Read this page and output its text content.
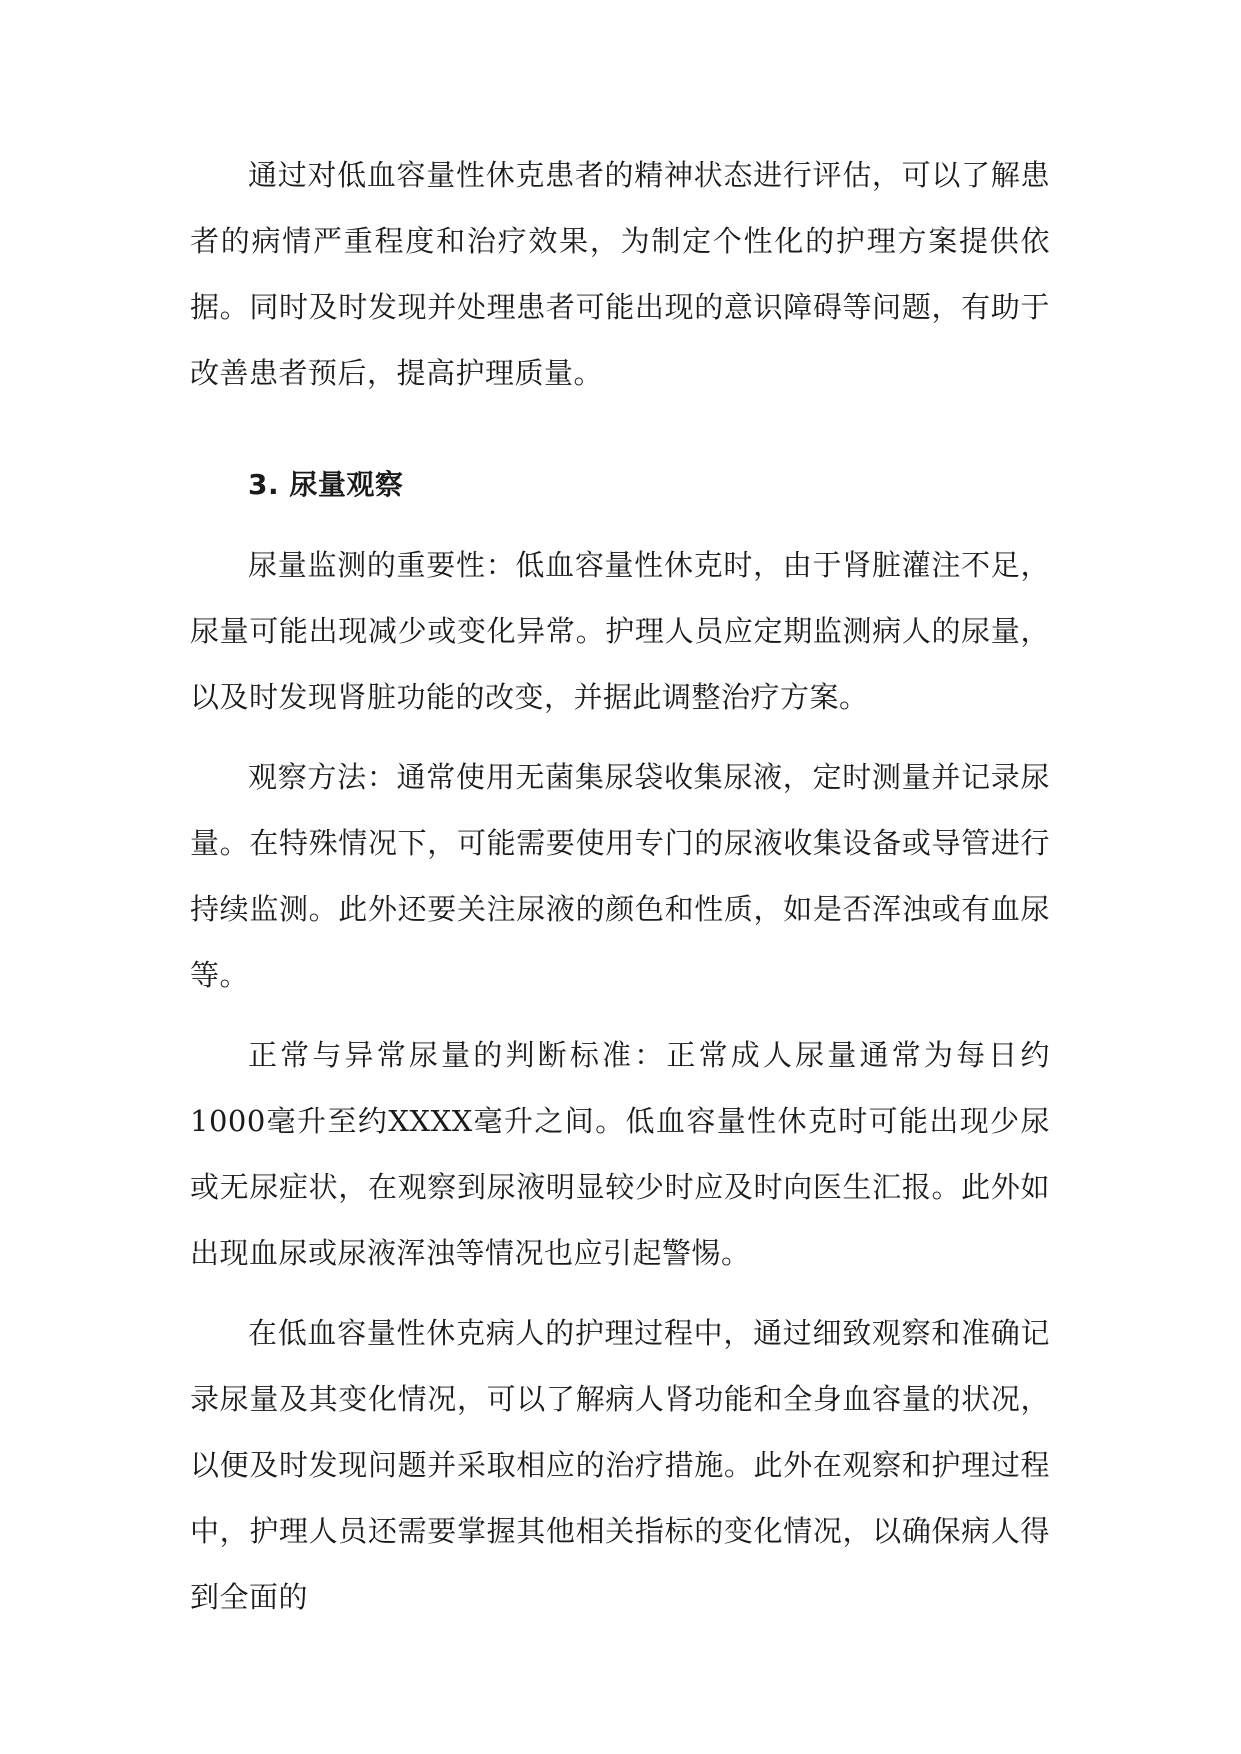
通过对低血容量性休克患者的精神状态进行评估，可以了解患者的病情严重程度和治疗效果，为制定个性化的护理方案提供依据。同时及时发现并处理患者可能出现的意识障碍等问题，有助于改善患者预后，提高护理质量。

3. 尿量观察

尿量监测的重要性：低血容量性休克时，由于肾脏灌注不足，尿量可能出现减少或变化异常。护理人员应定期监测病人的尿量，以及时发现肾脏功能的改变，并据此调整治疗方案。

观察方法：通常使用无菌集尿袋收集尿液，定时测量并记录尿量。在特殊情况下，可能需要使用专门的尿液收集设备或导管进行持续监测。此外还要关注尿液的颜色和性质，如是否浑浊或有血尿等。

正常与异常尿量的判断标准：正常成人尿量通常为每日约1000毫升至约XXXX毫升之间。低血容量性休克时可能出现少尿或无尿症状，在观察到尿液明显较少时应及时向医生汇报。此外如出现血尿或尿液浑浊等情况也应引起警惕。

在低血容量性休克病人的护理过程中，通过细致观察和准确记录尿量及其变化情况，可以了解病人肾功能和全身血容量的状况，以便及时发现问题并采取相应的治疗措施。此外在观察和护理过程中，护理人员还需要掌握其他相关指标的变化情况，以确保病人得到全面的
